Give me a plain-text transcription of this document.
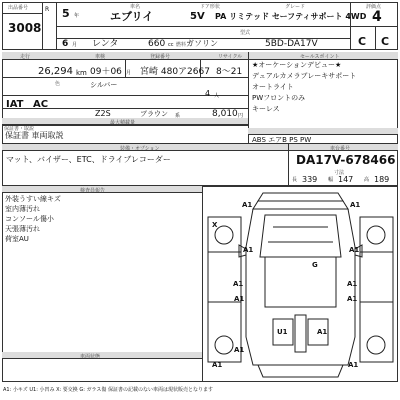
出品番号
3008
R 5 年
車名
エブリイ
ドア形状
5V
グレード
PA リミテッド セーフティサポート 4WD
評価点
4
6 月 レンタ	660 cc 燃料 ガソリン
型式
5BD-DA17V	C C
走行	車検	登録番号	リサイクル	セールスポイント
26,294 km 09＋06 月 宮崎 480ア2667 8～21
色	シルバー
4 人
IAT AC
Z2S	ブラウン 系
最大積載量
8,010 円
保証書・取説
保証書 車両取説	ABS エアB PS PW
★オーケーションデビュー★
デュアルカメラブレーキサポート
オートライト
PWフロントのみ
キーレス
装備・オプション	車台番号
マット、バイザー、ETC、ドライブレコーダー	DA17V-678466
寸法
長 339 幅 147 高 189
検査員報告
外装うすい線キズ
室内薄汚れ
コンソール傷小
天張薄汚れ
荷室AU
A1	A1
X
A1	A1
G
A1	A1
U1	A1
A1	A1
A1
A1
A1
車両状態
A1: 小キズ U1: 小凹み X: 要交換 G: ガラス傷 保証書の記載のない車両は現状販売となります
